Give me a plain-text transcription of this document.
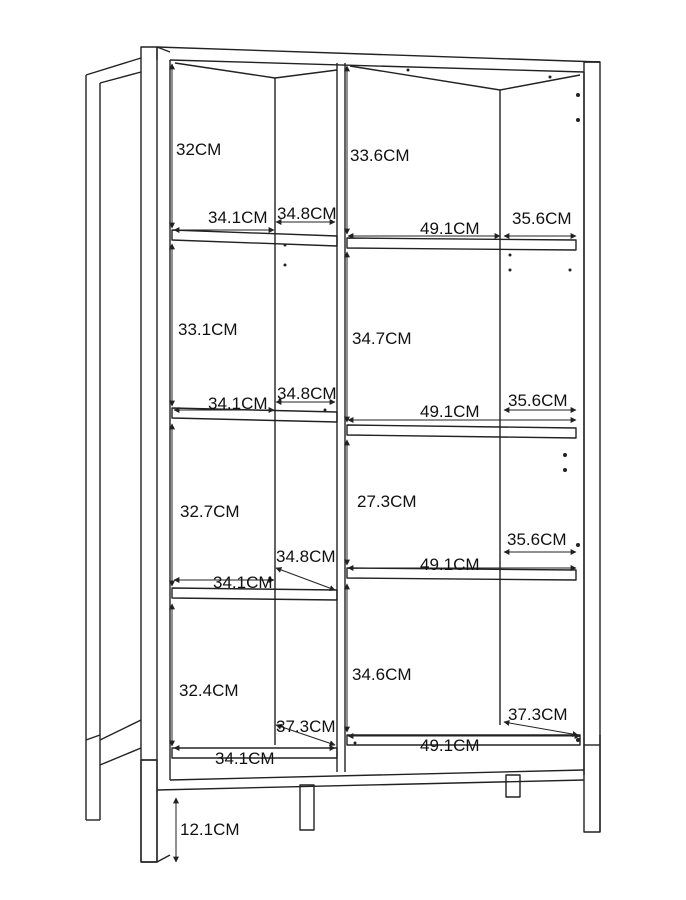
32CM
34.1CM 34.8CM
33.1CM
34.1CM
34.8CM
32.7CM
34.1CM
34.8CM
32.4CM
34.1CM
37.3CM
33.6CM
49.1CM
35.6CM
34.7CM
49.1CM
35.6CM
27.3CM
49.1CM
35.6CM
34.6CM
49.1CM
37.3CM
12.1CM
